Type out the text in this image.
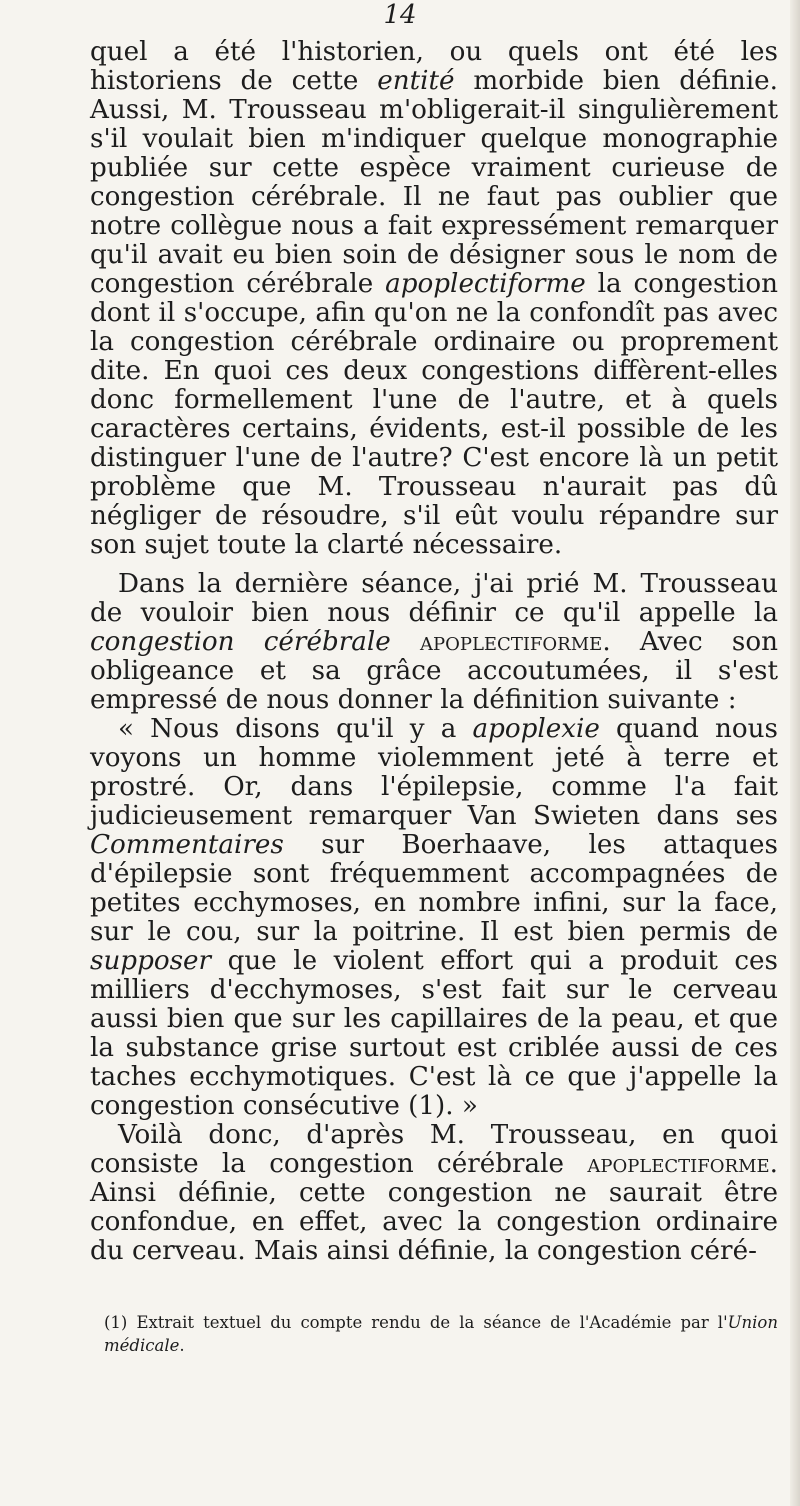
14

quel a été l'historien, ou quels ont été les historiens de cette entité morbide bien définie. Aussi, M. Trousseau m'obligerait-il singulièrement s'il voulait bien m'indiquer quelque monographie publiée sur cette espèce vraiment curieuse de congestion cérébrale. Il ne faut pas oublier que notre collègue nous a fait expressément remarquer qu'il avait eu bien soin de désigner sous le nom de congestion cérébrale apoplectiforme la congestion dont il s'occupe, afin qu'on ne la confondît pas avec la congestion cérébrale ordinaire ou proprement dite. En quoi ces deux congestions diffèrent-elles donc formellement l'une de l'autre, et à quels caractères certains, évidents, est-il possible de les distinguer l'une de l'autre? C'est encore là un petit problème que M. Trousseau n'aurait pas dû négliger de résoudre, s'il eût voulu répandre sur son sujet toute la clarté nécessaire.

Dans la dernière séance, j'ai prié M. Trousseau de vouloir bien nous définir ce qu'il appelle la congestion cérébrale apoplectiforme. Avec son obligeance et sa grâce accoutumées, il s'est empressé de nous donner la définition suivante :

« Nous disons qu'il y a apoplexie quand nous voyons un homme violemment jeté à terre et prostré. Or, dans l'épilepsie, comme l'a fait judicieusement remarquer Van Swieten dans ses Commentaires sur Boerhaave, les attaques d'épilepsie sont fréquemment accompagnées de petites ecchymoses, en nombre infini, sur la face, sur le cou, sur la poitrine. Il est bien permis de supposer que le violent effort qui a produit ces milliers d'ecchymoses, s'est fait sur le cerveau aussi bien que sur les capillaires de la peau, et que la substance grise surtout est criblée aussi de ces taches ecchymotiques. C'est là ce que j'appelle la congestion consécutive (1). »

Voilà donc, d'après M. Trousseau, en quoi consiste la congestion cérébrale apoplectiforme. Ainsi définie, cette congestion ne saurait être confondue, en effet, avec la congestion ordinaire du cerveau. Mais ainsi définie, la congestion céré-

(1) Extrait textuel du compte rendu de la séance de l'Académie par l'Union médicale.
